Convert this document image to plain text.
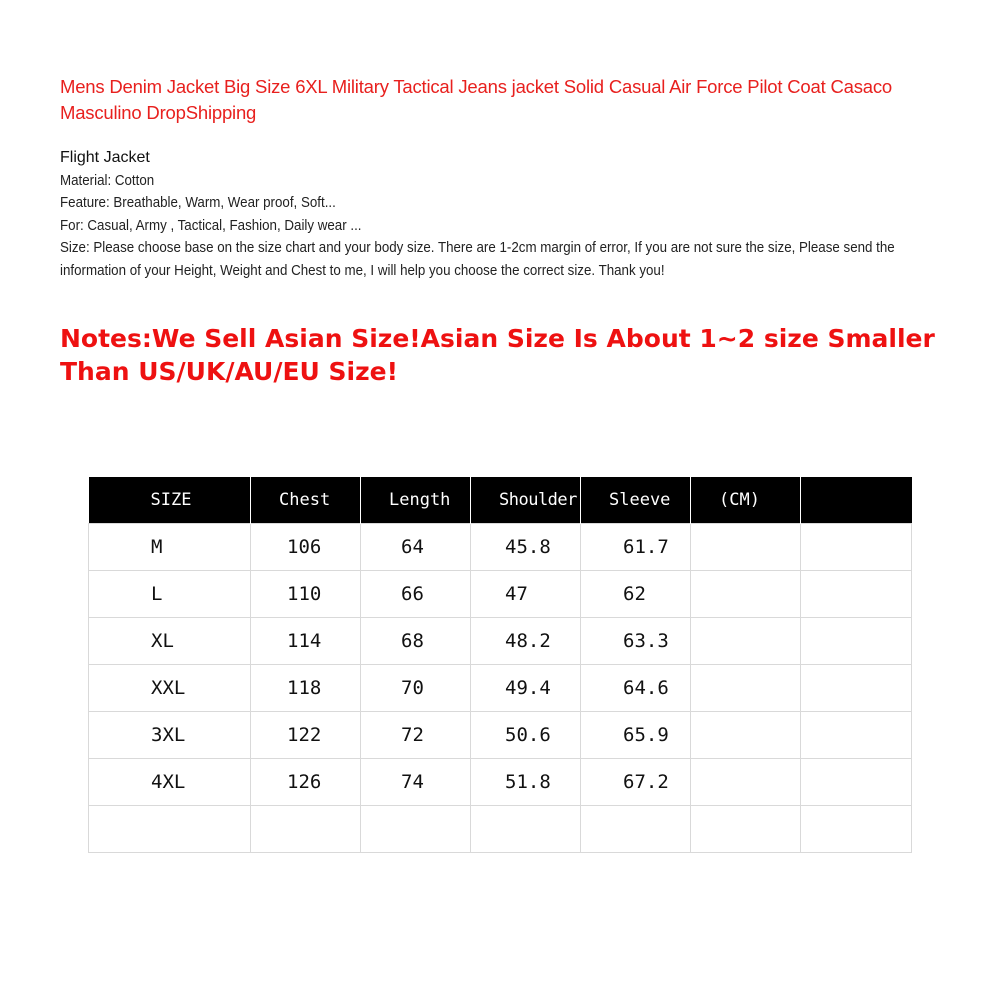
Mens Denim Jacket Big Size 6XL Military Tactical Jeans jacket Solid Casual Air Force Pilot Coat Casaco Masculino DropShipping
Flight Jacket
Material: Cotton
Feature: Breathable, Warm, Wear proof, Soft...
For: Casual, Army , Tactical, Fashion, Daily wear ...
Size: Please choose base on the size chart and your body size. There are 1-2cm margin of error, If you are not sure the size, Please send the information of your Height, Weight and Chest to me, I will help you choose the correct size. Thank you!
Notes:We Sell Asian Size!Asian Size Is About 1~2 size Smaller Than US/UK/AU/EU Size!
SIZE	Chest	Length	Shoulder	Sleeve	(CM)	
M	106	64	45.8	61.7		
L	110	66	47	62		
XL	114	68	48.2	63.3		
XXL	118	70	49.4	64.6		
3XL	122	72	50.6	65.9		
4XL	126	74	51.8	67.2		
